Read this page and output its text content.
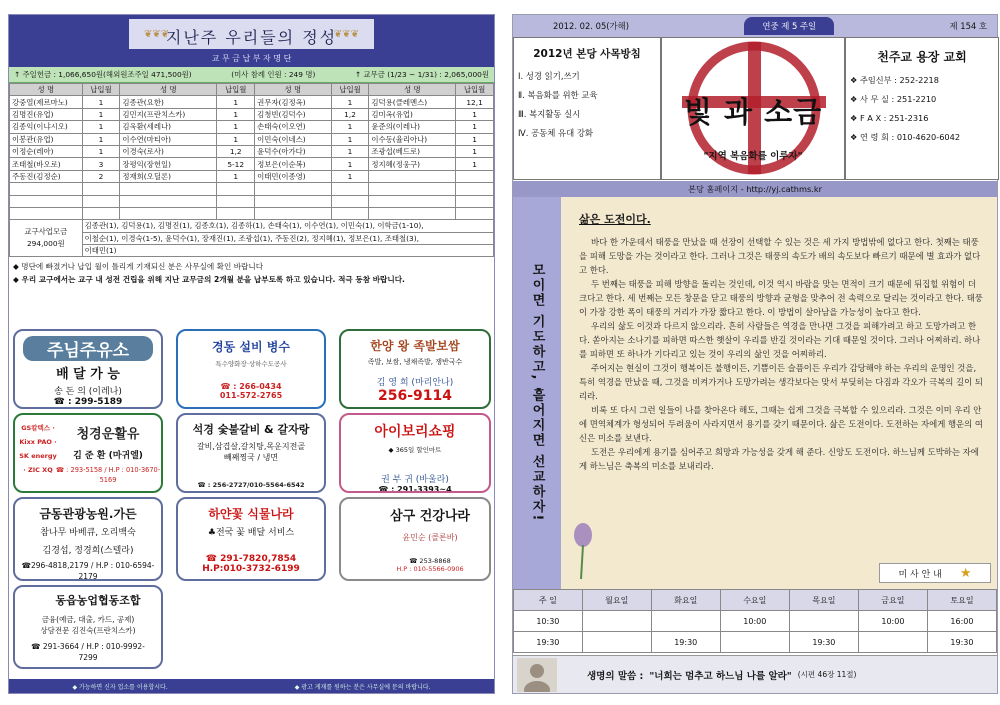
❦❦❦	❦❦❦
지난주 우리들의 정성
교 무 금 납 부 자 명 단
↑ 주일헌금 : 1,066,650원(해외원조주일 471,500원)	(미사 참례 인원 : 249 명)	↑ 교무금 (1/23 ~ 1/31) : 2,065,000원
성 명	납입월	성 명	납입월	성 명	납입월	성 명	납입월
강중열(제르마노)	1	김종관(요한)	1	권무자(김정옥)	1	김덕용(클레멘스)	12,1
김명진(유업)	1	김민지(프란치스카)	1	김청빈(김덕수)	1,2	김미옥(유업)	1
김종익(이냐시오)	1	김욱환(세레나)	1	손태숙(이오연)	1	윤준의(이레나)	1
이봉관(유업)	1	이수연(마티아)	1	이민숙(이네스)	1	이수동(율리아나)	1
이정순(레아)	1	이경숙(로사)	1,2	윤덕수(아가다)	1	조광섭(베드로)	1
조태철(바오로)	3	장평익(장헌일)	5-12	정보은(이순복)	1	정지혜(정웅구)	1
주동진(김정순)	2	정재희(오딜론)	1	이태민(이종영)	1		

교구사업모금
294,000원	김종관(1), 김덕용(1), 김명진(1), 김종호(1), 김종하(1), 손태숙(1), 이수연(1), 이민숙(1), 이학금(1-10),						
	이철순(1), 이경숙(1-5), 윤덕수(1), 장재진(1), 조광섭(1), 주동진(2), 정지혜(1), 정보은(1), 조태철(3),						
	이태민(1)						
◆ 명단에 빠졌거나 납입 월이 틀리게 기재되신 분은 사무실에 확인 바랍니다
◆ 우리 교구에서는 교구 내 성전 건립을 위해 지난 교무금의 2개월 분을 납부토록 하고 있습니다. 적극 동참 바랍니다.
주님주유소
배 달 가 능
송 돈 의 (이레나)
☎ : 299-5189
경동 설비 병수
특수양화장·상하수도공사
☎ : 266-0434
011-572-2765
한양 왕 족발보쌈
족발, 보쌈, 냉채족발, 쟁반국수
김 영 희 (마리안나)
256-9114
청경운활유
GS칼텍스 · Kixx PAO · SK energy · ZIC XQ
김 준 환 (마귀엘)
☎ : 293-5158 / H.P : 010-3670-5169
석경 숯불갈비 & 갈자랑
갈비,삼겹살,갈치탕,목운지전골
빼째찡국 / 냉면
☎ : 256-2727/010-5564-6542
아이보리쇼핑
◆ 365일 할인마트
권 부 귀 (바울라)
☎ : 291-3393~4
금동관광농원.가든
참나무 바베큐, 오리백숙
김경섭, 정경희(스텔라)
☎296-4818,2179 / H.P : 010-6594-2179
하얀꽃 식물나라
♣전국 꽃 배달 서비스
☎ 291-7820,7854
H.P:010-3732-6199
삼구 건강나라
윤민순 (콜론바)
☎ 253-8868
H.P : 010-5566-0906
동읍농업협동조합
금융(예금, 대출, 카드, 공제)
상담전문 김진숙(프란치스카)
☎ 291-3664 / H.P : 010-9992-7299
◆ 가능하면 신자 업소를 이용합시다.	◆ 광고 게재를 원하는 분은 사무실에 문의 바랍니다.
2012. 02. 05(가해)	연중 제 5 주일	제 154 호
2012년 본당 사목방침
Ⅰ. 성경 읽기,쓰기
Ⅱ. 복음화를 위한 교육
Ⅲ. 복지활동 실시
Ⅳ. 공동체 유대 강화
빛 과 소금
"지역 복음화를 이루자"
천주교 용장 교회
❖ 주임신부 : 252-2218
❖ 사 무 실 : 251-2210
❖ F A X : 251-2316
❖ 연 령 회 : 010-4620-6042
본당 홈페이지 - http://yj.cathms.kr
모이면 기도하고, 흩어지면 선교하자!
삶은 도전이다.
바다 한 가운데서 태풍을 만났을 때 선장이 선택할 수 있는 것은 세 가지 방법밖에 없다고 한다. 첫째는 태풍을 피해 도망을 가는 것이라고 한다. 그러나 그것은 태풍의 속도가 배의 속도보다 빠르기 때문에 별 효과가 없다고 한다.
두 번째는 태풍을 피해 방향을 돌리는 것인데, 이것 역시 바람을 맞는 면적이 크기 때문에 뒤집힐 위험이 더 크다고 한다. 세 번째는 모든 창문을 닫고 태풍의 방향과 균형을 맞추어 전 속력으로 달리는 것이라고 한다. 태풍이 가장 강한 폭이 태풍의 거리가 가장 짧다고 한다. 이 방법이 살아남을 가능성이 높다고 한다.
우리의 삶도 이것과 다르지 않으리라. 흔히 사람들은 역경을 만나면 그것을 피해가려고 하고 도망가려고 한다. 쏟아지는 소나기를 피하면 따스한 햇살이 우리를 반길 것이라는 기대 때문일 것이다. 그러나 어찌하리. 하나를 피하면 또 하나가 기다리고 있는 것이 우리의 삶인 것을 어찌하리.
주어지는 현실이 그것이 행복이든 불행이든, 기쁨이든 슬픔이든 우리가 감당해야 하는 우리의 운명인 것을, 특히 역경을 만났을 때, 그것을 비켜가거나 도망가려는 생각보다는 맞서 부딪히는 다짐과 각오가 극복의 길이 되리라.
비록 또 다시 그런 일들이 나를 찾아온다 해도, 그때는 쉽게 그것을 극복할 수 있으리라. 그것은 이미 우리 안에 면역체계가 형성되어 두려움이 사라지면서 용기를 갖기 때문이다. 삶은 도전이다. 도전하는 자에게 행운의 여신은 미소를 보낸다.
도전은 우리에게 용기를 심어주고 희망과 가능성을 갖게 해 준다. 신앙도 도전이다. 하느님께 도박하는 자에게 하느님은 축복의 미소를 보내리라.
미 사 안 내 ★
주 일	월요일	화요일	수요일	목요일	금요일	토요일
10:30			10:00		10:00	16:00
19:30		19:30		19:30		19:30
생명의 말씀 : "너희는 멈추고 하느님 나를 알라" (시편 46장 11절)
